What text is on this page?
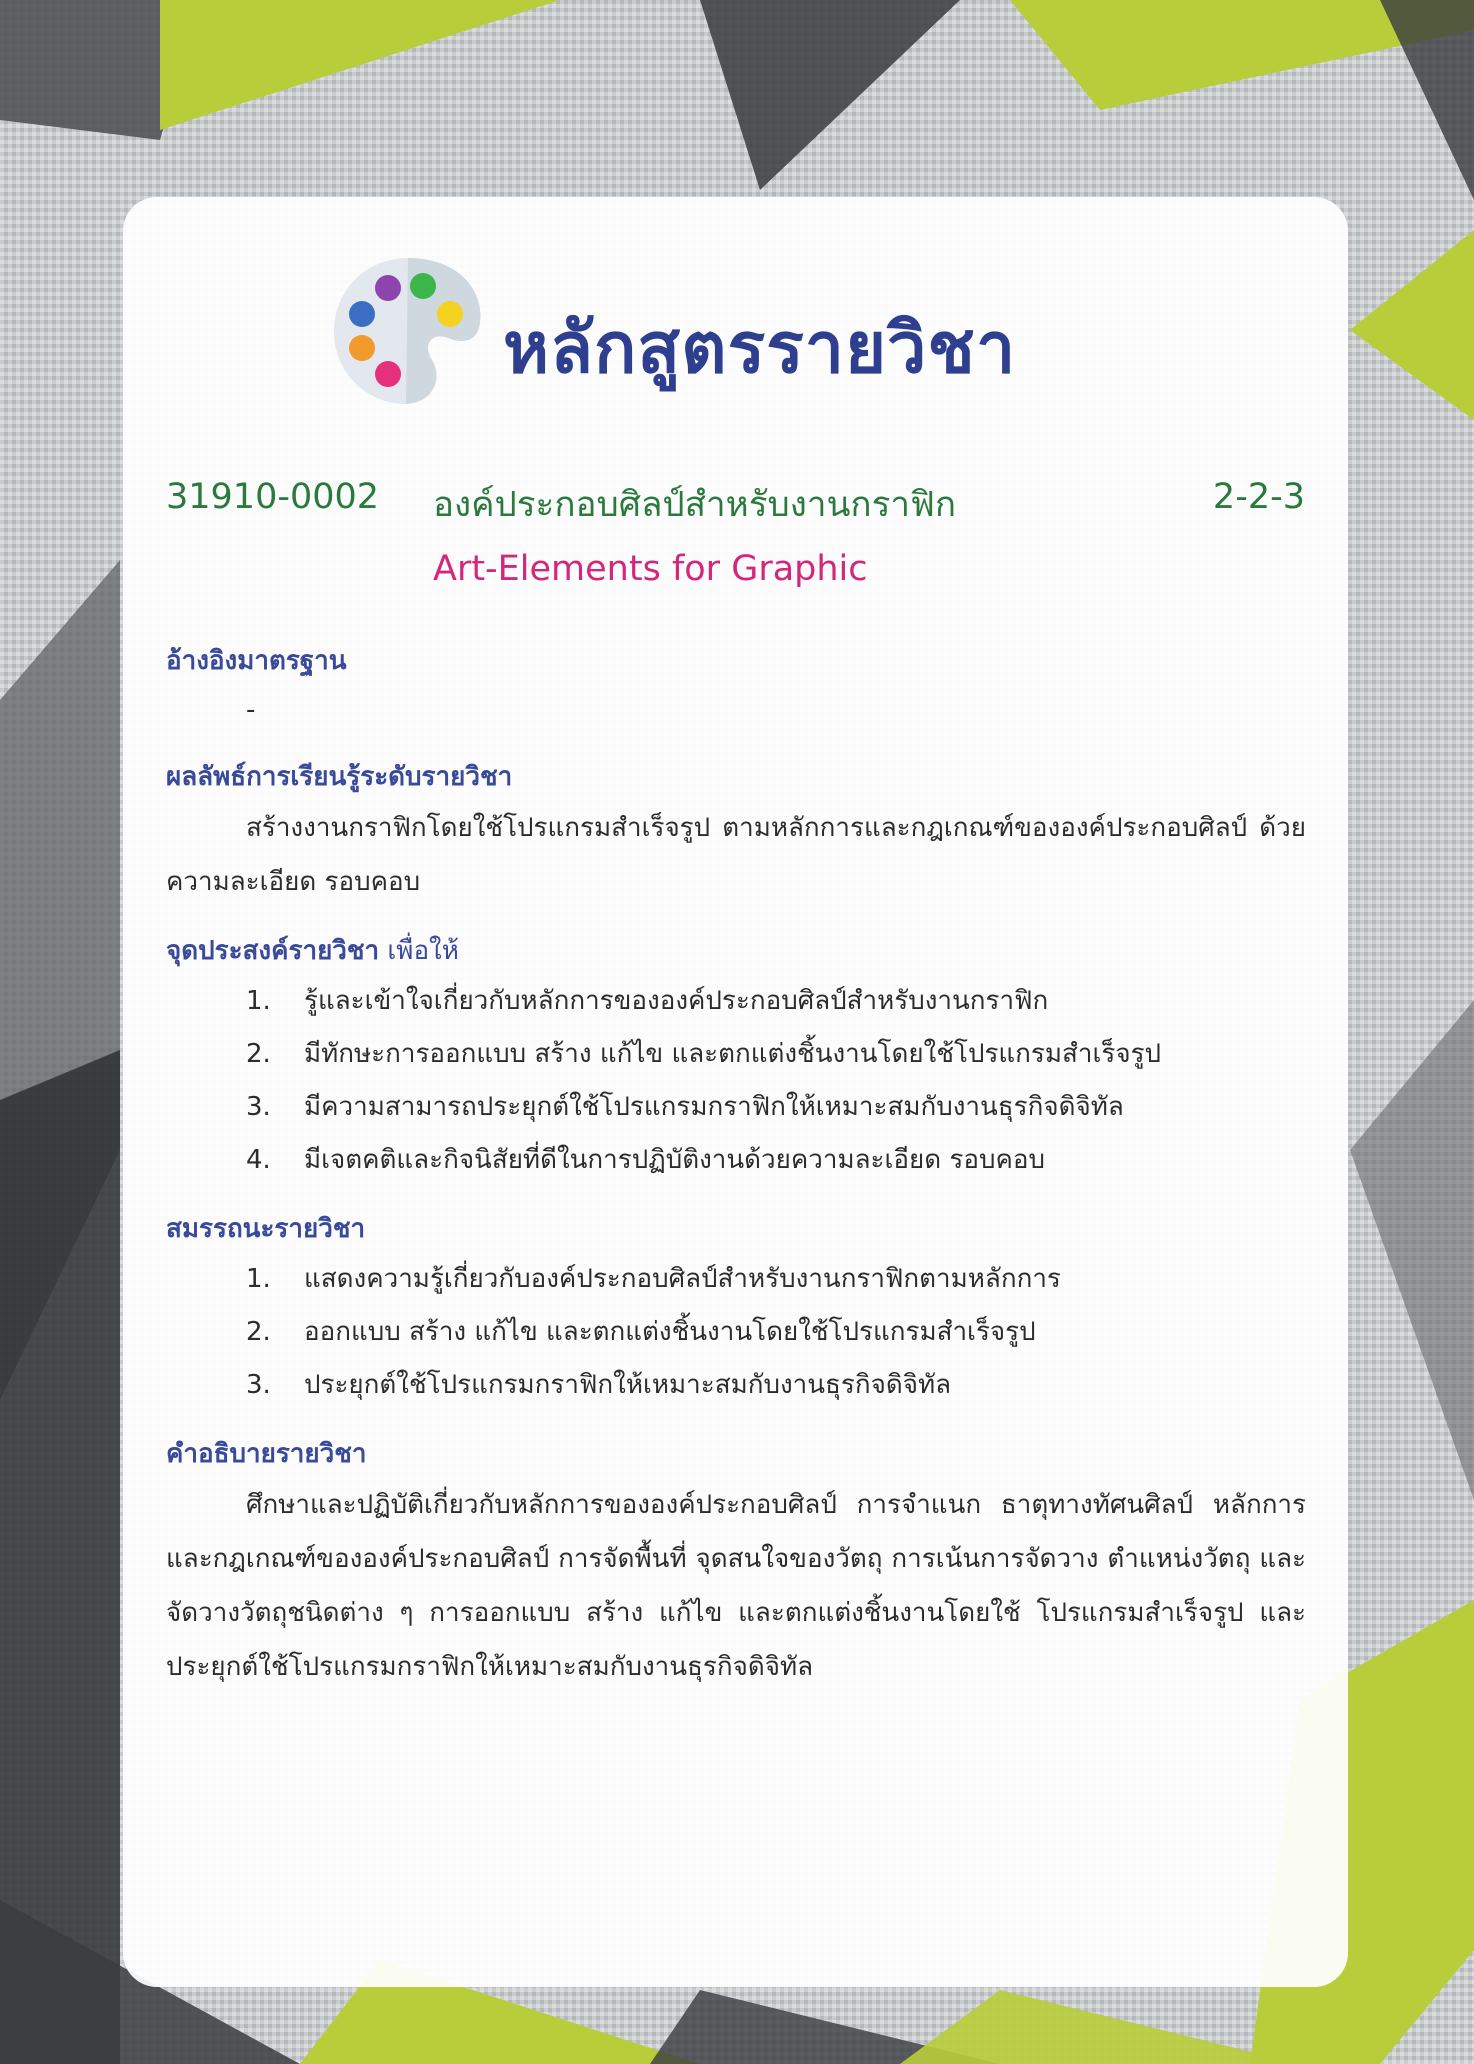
หลักสูตรรายวิชา
31910-0002 องค์ประกอบศิลป์สำหรับงานกราฟิก	2-2-3
Art-Elements for Graphic
อ้างอิงมาตรฐาน
-
ผลลัพธ์การเรียนรู้ระดับรายวิชา
สร้างงานกราฟิกโดยใช้โปรแกรมสำเร็จรูป ตามหลักการและกฎเกณฑ์ขององค์ประกอบศิลป์ ด้วยความละเอียด รอบคอบ
จุดประสงค์รายวิชา เพื่อให้
1.	รู้และเข้าใจเกี่ยวกับหลักการขององค์ประกอบศิลป์สำหรับงานกราฟิก
2.	มีทักษะการออกแบบ สร้าง แก้ไข และตกแต่งชิ้นงานโดยใช้โปรแกรมสำเร็จรูป
3.	มีความสามารถประยุกต์ใช้โปรแกรมกราฟิกให้เหมาะสมกับงานธุรกิจดิจิทัล
4.	มีเจตคติและกิจนิสัยที่ดีในการปฏิบัติงานด้วยความละเอียด รอบคอบ
สมรรถนะรายวิชา
1.	แสดงความรู้เกี่ยวกับองค์ประกอบศิลป์สำหรับงานกราฟิกตามหลักการ
2.	ออกแบบ สร้าง แก้ไข และตกแต่งชิ้นงานโดยใช้โปรแกรมสำเร็จรูป
3.	ประยุกต์ใช้โปรแกรมกราฟิกให้เหมาะสมกับงานธุรกิจดิจิทัล
คำอธิบายรายวิชา
ศึกษาและปฏิบัติเกี่ยวกับหลักการขององค์ประกอบศิลป์ การจำแนก ธาตุทางทัศนศิลป์ หลักการและกฎเกณฑ์ขององค์ประกอบศิลป์ การจัดพื้นที่ จุดสนใจของวัตถุ การเน้นการจัดวาง ตำแหน่งวัตถุ และจัดวางวัตถุชนิดต่าง ๆ การออกแบบ สร้าง แก้ไข และตกแต่งชิ้นงานโดยใช้ โปรแกรมสำเร็จรูป และประยุกต์ใช้โปรแกรมกราฟิกให้เหมาะสมกับงานธุรกิจดิจิทัล
